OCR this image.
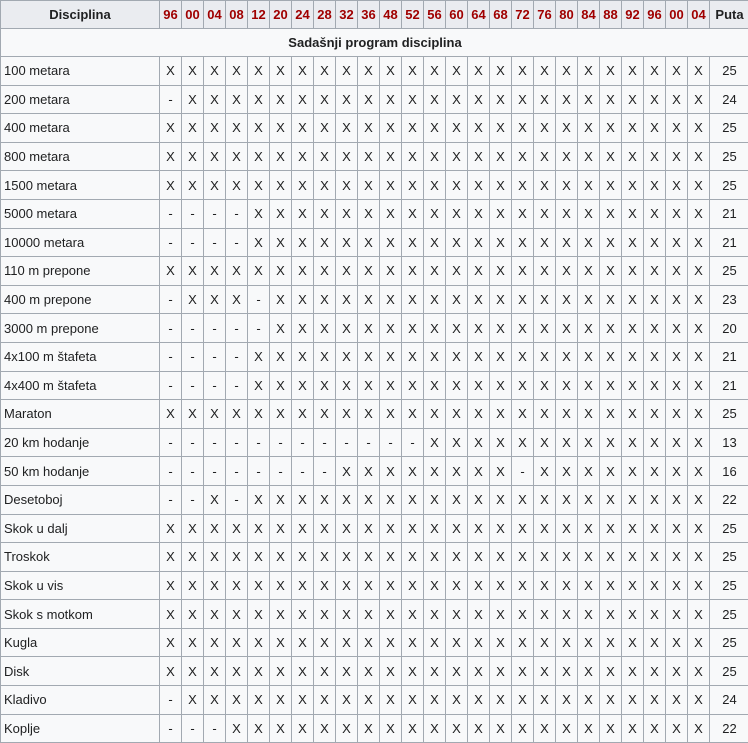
Disciplina	96	00	04	08	12	20	24	28	32	36	48	52	56	60	64	68	72	76	80	84	88	92	96	00	04	Puta
Sadašnji program disciplina																										
100 metara	X	X	X	X	X	X	X	X	X	X	X	X	X	X	X	X	X	X	X	X	X	X	X	X	X	25
200 metara	-	X	X	X	X	X	X	X	X	X	X	X	X	X	X	X	X	X	X	X	X	X	X	X	X	24
400 metara	X	X	X	X	X	X	X	X	X	X	X	X	X	X	X	X	X	X	X	X	X	X	X	X	X	25
800 metara	X	X	X	X	X	X	X	X	X	X	X	X	X	X	X	X	X	X	X	X	X	X	X	X	X	25
1500 metara	X	X	X	X	X	X	X	X	X	X	X	X	X	X	X	X	X	X	X	X	X	X	X	X	X	25
5000 metara	-	-	-	-	X	X	X	X	X	X	X	X	X	X	X	X	X	X	X	X	X	X	X	X	X	21
10000 metara	-	-	-	-	X	X	X	X	X	X	X	X	X	X	X	X	X	X	X	X	X	X	X	X	X	21
110 m prepone	X	X	X	X	X	X	X	X	X	X	X	X	X	X	X	X	X	X	X	X	X	X	X	X	X	25
400 m prepone	-	X	X	X	-	X	X	X	X	X	X	X	X	X	X	X	X	X	X	X	X	X	X	X	X	23
3000 m prepone	-	-	-	-	-	X	X	X	X	X	X	X	X	X	X	X	X	X	X	X	X	X	X	X	X	20
4x100 m štafeta	-	-	-	-	X	X	X	X	X	X	X	X	X	X	X	X	X	X	X	X	X	X	X	X	X	21
4x400 m štafeta	-	-	-	-	X	X	X	X	X	X	X	X	X	X	X	X	X	X	X	X	X	X	X	X	X	21
Maraton	X	X	X	X	X	X	X	X	X	X	X	X	X	X	X	X	X	X	X	X	X	X	X	X	X	25
20 km hodanje	-	-	-	-	-	-	-	-	-	-	-	-	X	X	X	X	X	X	X	X	X	X	X	X	X	13
50 km hodanje	-	-	-	-	-	-	-	-	X	X	X	X	X	X	X	X	-	X	X	X	X	X	X	X	X	16
Desetoboj	-	-	X	-	X	X	X	X	X	X	X	X	X	X	X	X	X	X	X	X	X	X	X	X	X	22
Skok u dalj	X	X	X	X	X	X	X	X	X	X	X	X	X	X	X	X	X	X	X	X	X	X	X	X	X	25
Troskok	X	X	X	X	X	X	X	X	X	X	X	X	X	X	X	X	X	X	X	X	X	X	X	X	X	25
Skok u vis	X	X	X	X	X	X	X	X	X	X	X	X	X	X	X	X	X	X	X	X	X	X	X	X	X	25
Skok s motkom	X	X	X	X	X	X	X	X	X	X	X	X	X	X	X	X	X	X	X	X	X	X	X	X	X	25
Kugla	X	X	X	X	X	X	X	X	X	X	X	X	X	X	X	X	X	X	X	X	X	X	X	X	X	25
Disk	X	X	X	X	X	X	X	X	X	X	X	X	X	X	X	X	X	X	X	X	X	X	X	X	X	25
Kladivo	-	X	X	X	X	X	X	X	X	X	X	X	X	X	X	X	X	X	X	X	X	X	X	X	X	24
Koplje	-	-	-	X	X	X	X	X	X	X	X	X	X	X	X	X	X	X	X	X	X	X	X	X	X	22
